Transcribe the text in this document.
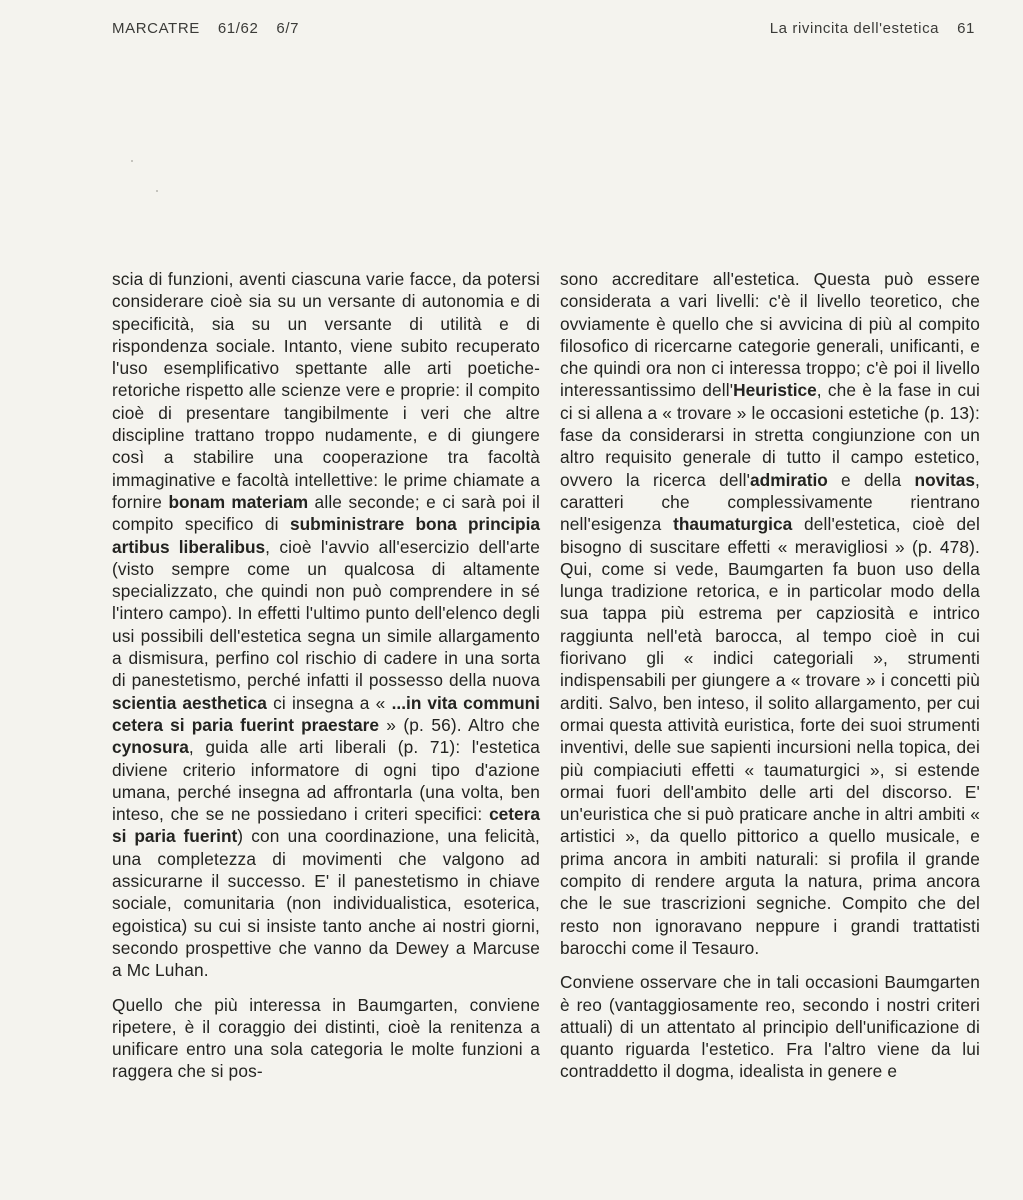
MARCATRE 61/62 6/7	La rivincita dell'estetica 61

scia di funzioni, aventi ciascuna varie facce, da potersi considerare cioè sia su un versante di autonomia e di specificità, sia su un versante di utilità e di rispondenza sociale. Intanto, viene subito recuperato l'uso esemplificativo spettante alle arti poetiche-retoriche rispetto alle scienze vere e proprie: il compito cioè di presentare tangibilmente i veri che altre discipline trattano troppo nudamente, e di giungere così a stabilire una cooperazione tra facoltà immaginative e facoltà intellettive: le prime chiamate a fornire bonam materiam alle seconde; e ci sarà poi il compito specifico di subministrare bona principia artibus liberalibus, cioè l'avvio all'esercizio dell'arte (visto sempre come un qualcosa di altamente specializzato, che quindi non può comprendere in sé l'intero campo). In effetti l'ultimo punto dell'elenco degli usi possibili dell'estetica segna un simile allargamento a dismisura, perfino col rischio di cadere in una sorta di panestetismo, perché infatti il possesso della nuova scientia aesthetica ci insegna a « ...in vita communi cetera si paria fuerint praestare » (p. 56). Altro che cynosura, guida alle arti liberali (p. 71): l'estetica diviene criterio informatore di ogni tipo d'azione umana, perché insegna ad affrontarla (una volta, ben inteso, che se ne possiedano i criteri specifici: cetera si paria fuerint) con una coordinazione, una felicità, una completezza di movimenti che valgono ad assicurarne il successo. E' il panestetismo in chiave sociale, comunitaria (non individualistica, esoterica, egoistica) su cui si insiste tanto anche ai nostri giorni, secondo prospettive che vanno da Dewey a Marcuse a Mc Luhan.

Quello che più interessa in Baumgarten, conviene ripetere, è il coraggio dei distinti, cioè la renitenza a unificare entro una sola categoria le molte funzioni a raggera che si pos-

sono accreditare all'estetica. Questa può essere considerata a vari livelli: c'è il livello teoretico, che ovviamente è quello che si avvicina di più al compito filosofico di ricercarne categorie generali, unificanti, e che quindi ora non ci interessa troppo; c'è poi il livello interessantissimo dell'Heuristice, che è la fase in cui ci si allena a « trovare » le occasioni estetiche (p. 13): fase da considerarsi in stretta congiunzione con un altro requisito generale di tutto il campo estetico, ovvero la ricerca dell'admiratio e della novitas, caratteri che complessivamente rientrano nell'esigenza thaumaturgica dell'estetica, cioè del bisogno di suscitare effetti « meravigliosi » (p. 478). Qui, come si vede, Baumgarten fa buon uso della lunga tradizione retorica, e in particolar modo della sua tappa più estrema per capziosità e intrico raggiunta nell'età barocca, al tempo cioè in cui fiorivano gli « indici categoriali », strumenti indispensabili per giungere a « trovare » i concetti più arditi. Salvo, ben inteso, il solito allargamento, per cui ormai questa attività euristica, forte dei suoi strumenti inventivi, delle sue sapienti incursioni nella topica, dei più compiaciuti effetti « taumaturgici », si estende ormai fuori dell'ambito delle arti del discorso. E' un'euristica che si può praticare anche in altri ambiti « artistici », da quello pittorico a quello musicale, e prima ancora in ambiti naturali: si profila il grande compito di rendere arguta la natura, prima ancora che le sue trascrizioni segniche. Compito che del resto non ignoravano neppure i grandi trattatisti barocchi come il Tesauro.

Conviene osservare che in tali occasioni Baumgarten è reo (vantaggiosamente reo, secondo i nostri criteri attuali) di un attentato al principio dell'unificazione di quanto riguarda l'estetico. Fra l'altro viene da lui contraddetto il dogma, idealista in genere e
